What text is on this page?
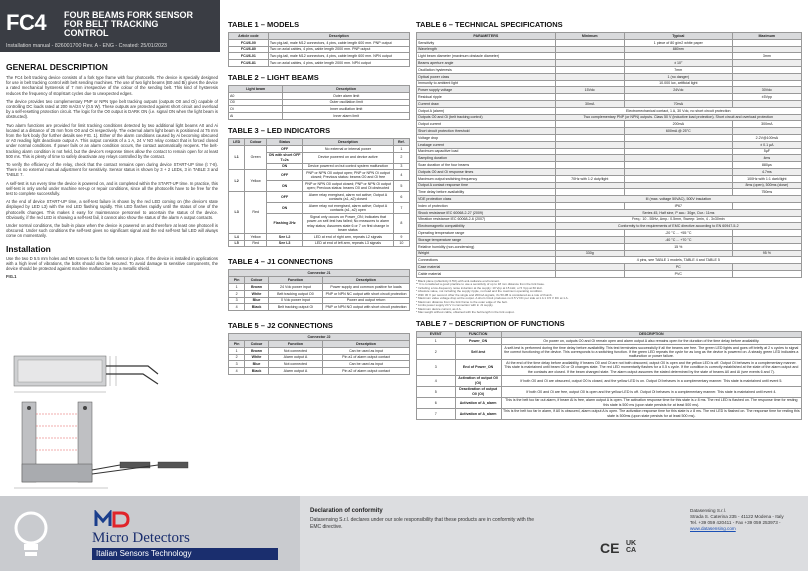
FC4 FOUR BEAMS FORK SENSOR
FOR BELT TRACKING
CONTROL
Installation manual - 826001700 Rev. A - ENG - Created: 25/01/2023
GENERAL DESCRIPTION
The FC4 belt tracking device consists of a fork type frame with four photocells. The device is specially designed for use in belt tracking control with belt sending machines. The use of two light beams (B0 and Bi) gives the device a rated mechanical hysteresis of 7 mm irrespective of the colour of the sending belt. This kind of hysteresis reduces the frequency of stop/start cycles due to unexpected edges.
The device provides two complementary PNP or NPN type belt tracking outputs (outputs O0 and Oi) capable of controlling DC loads rated at 200 mA/24 V (0.5 W). These outputs are protected against short circuit and overload by a self-resetting protection circuit. The logic for the O0 output is DARK ON (i.e. signal ON when the light beam is obstructed).
Two alarm functions are provided for limit tracking conditions detected by two additional light beams A0 and Ai located at a distance of 25 mm from O0 and Oi respectively. The external alarm light beam is positioned at 75 mm from the fork body (for further details see FIG. 1). Either of the alarm conditions caused by Ai becoming obscured or A0 reading light deactivate output A. This output consists of a 1 A, 24 V NO relay contact that is forced closed under normal conditions. If power fails or an alarm condition occurs, the contact automatically reopens. The belt-tracking alarm condition is not held, but the device's response times allow the contact to remain open for at least 500 ms. This is plenty of time to safely deactivate any relays controlled by the contact.
To verify the efficiency of the relay, check that the contact remains open during device START-UP time (t 7-8). There is no external manual adjustment for sensitivity. Sensor status is shown by 3 + 2 LEDs, 3 in TABLE 3 and TABLE 7.
A self-test is run every time the device is powered on, and is completed within the START-UP time. In practice, this self-test is only useful under machine set-up or repair conditions, since all the photocells have to be free for the test to complete successfully.
At the end of device START-UP time, a self-test failure is shown by the red LED coming on (the device's state displayed by LED L3) with the red LED flashing rapidly. This LED flashes rapidly until the status of one of the photocells changes. This makes it easy for maintenance personnel to ascertain the status of the device. Obviously, if the red LED is showing a self-test fail, it cannot also show the status of the alarm A output contacts.
Under normal conditions, the built-in place when the device is powered on and therefore at least one photocell is obscured. Under such conditions the self-test gives no significant signal and the red self-test fail LED will always come on momentarily.
Installation
Use the two D 5.5 mm holes and M6 screws to fix the fork sensor in place. If the device is installed in applications with a high level of vibrations, the bolts should also be secured. To avoid damage to sensitive components, the device should be protected against machine malfunctions by a metallic shield.
FIG.1
TABLE 1 – MODELS
Article code	Description
FC4/6-00	Two pig-tail, male M12 connectors, 4 pins, cable length 600 mm. PNP output
FC4/6-80	Two on axial cables, 4 pins, cable length 2000 mm. PNP output
FC4/6-01	Two pig-tail, male M12 connectors, 4 pins, cable length 600 mm. NPN output
FC4/6-81	Two on axial cables, 4 pins, cable length 2000 mm. NPN output
TABLE 2 – LIGHT BEAMS
Light beam	Description
A0	Outer alarm limit
O0	Outer oscillation limit
Oi	Inner oscillation limit
Ai	Inner alarm limit
TABLE 3 – LED INDICATORS
LED	Colour	Status	Description	Ref.
L1	Green	OFF	No external or internal power	1
		ON with short OFF T=2s	Device powered on and device active	2
		ON	Device powered on but control system malfunction	3
L2	Yellow	OFF	PNP or NPN O0 output open; PNP or NPN Oi output closed; Previous status: beams O0 and Oi free	4
		ON	PNP or NPN O0 output closed; PNP or NPN Oi output open; Previous status: beams O0 and Oi obstructed	5
L3	Red	OFF	Alarm relay energised, alarm not active; Output A contacts (a1, a2) closed	6
		ON	Alarm relay not energised, alarm active; Output A contacts (a1, a2) open	7
		Flashing 2Hz	Signal only occurs on Power_ON; Indicates that power-on self-test has failed; No measures to alarm relay status; Assumes state 6 or 7 on first change in beam status	8
L4	Yellow	See L2	LED at end of right arm, repeats L2 signals	9
L5	Red	See L3	LED at end of left arm, repeats L3 signals	10
TABLE 4 – J1 CONNECTIONS
Connector J1			
Pin	Colour	Function	Description
1	Brown	24 Vdc power input	Power supply and common positive for loads
2	White	Belt tracking output O0	PNP or NPN NC output with short circuit protection
3	Blue	0 Vdc power input	Power and output return
4	Black	Belt tracking output Oi	PNP or NPN NO output with short circuit protection
TABLE 5 – J2 CONNECTIONS
Connector J2			
Pin	Colour	Function	Description
1	Brown	Not connected	Can be used as input
2	White	Alarm output A	Pin a1 of alarm output contact
3	Blue	Not connected	Can be used as input
4	Black	Alarm output A	Pin a2 of alarm output contact
TABLE 6 – TECHNICAL SPECIFICATIONS
PARAMETERS	Minimum	Typical	Maximum
Sensitivity		1 piece of 80 g/m2 white paper	
Wavelength		880nm	
Light beam diameter (maximum obstacle diameter)			3mm
Beams aperture angle		± 10°	
Oscillation hysteresis		7mm	
Optical power class		1 (no danger)	
Immunity to ambient light		10.000 lux, artificial light	
Power supply voltage	15Vdc	24Vdc	30Vdc
Residual ripple			±5Vpp
Current draw	30mA	70mA	
Output A (alarm)	Electromechanical contact, 1 A, 30 Vdc, no short circuit protection		
Outputs O0 and Oi (belt tracking control)	Two complementary PNP (or NPN) outputs. Class 50 V (inductive load protection). Short circuit and overload protection		
Output current		200mA	300mA
Short circuit protection threshold		600mA @ 25°C	
Voltage drop			2.2V@100mA
Leakage current			± 0.1 µA
Maximum capacitive load			5µF
Sampling duration			4ms
Scan duration of the four beams			880µs
Outputs O0 and Oi response times			4.7ms
Maximum output switching frequency	70Hz with 1:2 duty/light		100Hz with 1:1 dark/light
Output A contact response time			8ms (open), 500ms (close)
Time delay before availability			750ms
VDE protection class	III (max. voltage 50VAC), 500V insulation		
Index of protection		IP67	
Shock resistance IEC 60068-2-27 (2009)	Series 45, Half sine, P acc.: 30gn, Dur.: 11ms		
Vibration resistance IEC 60068-2-6 (2007)	Freq.: 10 - 55Hz, Amp.: 0.5mm, Sweep: 1min, 4 - 3x30min		
Electromagnetic compatibility	Conformity to the requirements of EMC directive according to EN 60947-5-2		
Operating temperature range		-20 °C ... +55 °C	
Storage temperature range		-40 °C ... +70 °C	
Relative humidity (non-condensing)		15 %	
Weight	330g		95 %
Connections	4 pins, see TABLE 1 models, TABLE 4 and TABLE 5		
Case material		PC	
Cable material		PVC	
* Black plane (reflectivity 0.5%) with anti-radiance environment.
** It is considered a good practice to use a sensitivity of up to 18 mm distance from the fork base.
* Including a low-frequency noise induction at the supply: 10 Vpp at 15 kHz, or 5 Vpp at 60 kHz.
* Absolute value, not including the supply ripple, not load and the maximum operating condition.
* With 30 V per second. After the single and 200mA signals, it's 50 dB is considered as a rule of thumb.
* Maximum value voltage drop at the output. A short circuit produces no 0.5 V DC per side at 1 A 1 0.5 V DC at 1 A.
* Maximum distance from the fork frame to the outer edge of the belt.
* Limits power supply 24 V in connection with in J1 supply.
* Maximum device current, as 2 A.
* Max weight without cable, obtained with the belt length in the fork output.
TABLE 7 – DESCRIPTION OF FUNCTIONS
EVENT	FUNCTION	DESCRIPTION
1	Power_ON	On power on, outputs O0 and Oi remain open and alarm output A also remains open for the duration of the time delay before availability.
2	Self-test	A self-test is performed during the time delay before availability. This test terminates successfully if all the beams are free. The green LED lights and goes off briefly at 2 s cycles to signal the correct functioning of the device. This corresponds to a switching function. If the green LED repeats the cycle for as long as the device is powered on. A steady green LED indicates a malfunction or power failure.
3	End of Power_ON	At the end of the time delay before availability, if beams O0 and Oi are not both obscured, output O0 is open and the yellow LED is off. Output Oi behaves in a complementary manner. This state is maintained until beam O0 or Oi changes state. The red LED momentarily flashes for a 0.5 s cycle. If the condition is correctly established at the state of the alarm output and the contacts are closed. If the beam changed state. The alarm output assumes the stated determined by the state of beams A0 and Ai (see events 6 and 7).
4	Activation of output O0 (Oi)	If both O0 and Oi are obscured, output O0 is closed, and the yellow LED is on. Output Oi behaves in a complementary manner. This state is maintained until event 5.
5	Deactivation of output O0 (Oi)	If both O0 and Oi are free, output O0 is open and the yellow LED is off. Output Oi behaves in a complementary manner. This state is maintained until event 4.
6	Activation of A_alarm	This is the belt too far out alarm, if beam Ai is free, alarm output A is open. The activation response time for this state is ≥ 8 ms. The red LED is flashed on. The response time for resting this state is 500 ms (upon state persists for at least 500 ms).
7	Activation of A_alarm	This is the belt too far in alarm, if A0 is obscured, alarm output A is open. The activation response time for this state is ≥ 8 ms. The red LED is flashed on. The response time for resting this state is 500ms (upon state persists for at least 500 ms).
Micro Detectors
Italian Sensors Technology
Declaration of conformity
Datasensing S.r.l. declares under our sole responsibility that these products are in conformity with the EMC directive.
Datasensing S.r.l.
Strada S. Caterina 235 - 41122 Modena - Italy
Tel. +39 059 420411 - Fax +39 059 253973 -
www.datasensing.com
CE UK CA
